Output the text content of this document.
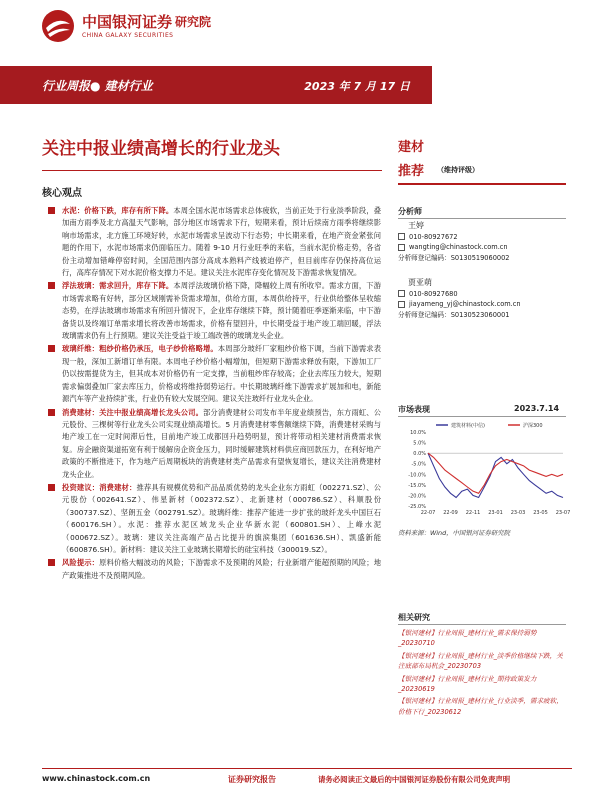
中国银河证券
CHINA GALAXY SECURITIES
研究院
行业周报● 建材行业	2023 年 7 月 17 日
关注中报业绩高增长的行业龙头
核心观点
水泥：价格下跌，库存有所下降。本周全国水泥市场需求总体疲软，当前正处于行业淡季阶段，叠加南方雨季及北方高温天气影响，部分地区市场需求下行，短期来看，预计后续南方雨季将继续影响市场需求，北方施工环境好转，水泥市场需求呈波动下行态势；中长期来看，在地产资金紧张问题的作用下，水泥市场需求仍面临压力。随着 9-10 月行业旺季的来临，当前水泥价格走势，各省份主动增加错峰停窑时间，全国范围内部分高成本熟料产线被迫停产，但目前库存仍保持高位运行，高库存情况下对水泥价格支撑力不足。建议关注水泥库存变化情况及下游需求恢复情况。
浮法玻璃：需求回升，库存下降。本周浮法玻璃价格下降，降幅较上周有所收窄。需求方面，下游市场需求略有好转，部分区域刚需补货需求增加，供给方面，本周供给持平，行业供给整体呈收缩态势，在浮法玻璃市场需求有所回升情况下，企业库存继续下降，预计随着旺季逐渐来临，中下游备货以及终端订单需求增长将改善市场需求，价格有望回升，中长期受益于地产竣工端回暖，浮法玻璃需求仍有上行预期。建议关注受益于竣工端改善的玻璃龙头企业。
玻璃纤维：粗纱价格仍承压，电子纱价格略增。本周部分玻纤厂家粗纱价格下调，当前下游需求表现一般，深加工新增订单有限。本周电子纱价格小幅增加，但短期下游需求释放有限，下游加工厂仍以按需提货为主，但其成本对价格仍有一定支撑，当前粗纱库存较高；企业去库压力较大，短期需求偏弱叠加厂家去库压力，价格或将维持弱势运行。中长期玻璃纤维下游需求扩展加和电，新能源汽车等产业持续扩张，行业仍有较大发展空间。建议关注玻纤行业龙头企业。
消费建材：关注中报业绩高增长龙头公司。部分消费建材公司发布半年度业绩预告，东方雨虹、公元股份、三棵树等行业龙头公司实现业绩高增长。5 月消费建材零售额继续下降，消费建材采购与地产竣工在一定时间滞后性，目前地产竣工成都回升趋势明显，预计将带动相关建材消费需求恢复。房企融资渠道拓宽有利于缓解房企资金压力，同时缓解建筑材料供应商回款压力，在利好地产政策的不断推进下，作为地产后周期板块的消费建材类产品需求有望恢复增长，建议关注消费建材龙头企业。
投资建议：消费建材：推荐具有规模优势和产品品质优势的龙头企业东方雨虹（002271.SZ）、公元股份（002641.SZ）、伟星新材（002372.SZ）、北新建材（000786.SZ）、科顺股份（300737.SZ）、坚朗五金（002791.SZ）。玻璃纤维：推荐产能进一步扩张的玻纤龙头中国巨石（600176.SH）。水泥：推荐水泥区域龙头企业华新水泥（600801.SH）、上峰水泥（000672.SZ）。玻璃：建议关注高端产品占比提升的旗滨集团（601636.SH）、凯盛新能（600876.SH）。新材料：建议关注工业玻璃长期增长的硅宝科技（300019.SZ）。
风险提示：原料价格大幅波动的风险；下游需求不及预期的风险；行业新增产能超预期的风险；地产政策推进不及预期风险。
建材
推荐 （维持评级）
分析师
王婷
010-80927672
wangting@chinastock.com.cn
分析师登记编码：S0130519060002
贾亚萌
010-80927680
jiayameng_yj@chinastock.com.cn
分析师登记编码：S0130523060001
市场表现	2023.7.14
10.0%
5.0%
0.0%
-5.0%
-10.0%
-15.0%
-20.0%
-25.0%
22-07 22-09 22-11 23-01 23-03 23-05 23-07
建筑材料(中信)	沪深300
资料来源：Wind，中国银河证券研究院
相关研究
【银河建材】行业周报_建材行业_需求保持弱势_20230710
【银河建材】行业周报_建材行业_淡季价格继续下跌，关注底部布局机会_20230703
【银河建材】行业周报_建材行业_期待政策发力_20230619
【银河建材】行业周报_建材行业_行业淡季，需求疲软，价格下行_20230612
www.chinastock.com.cn	证券研究报告	请务必阅读正文最后的中国银河证券股份有限公司免责声明
